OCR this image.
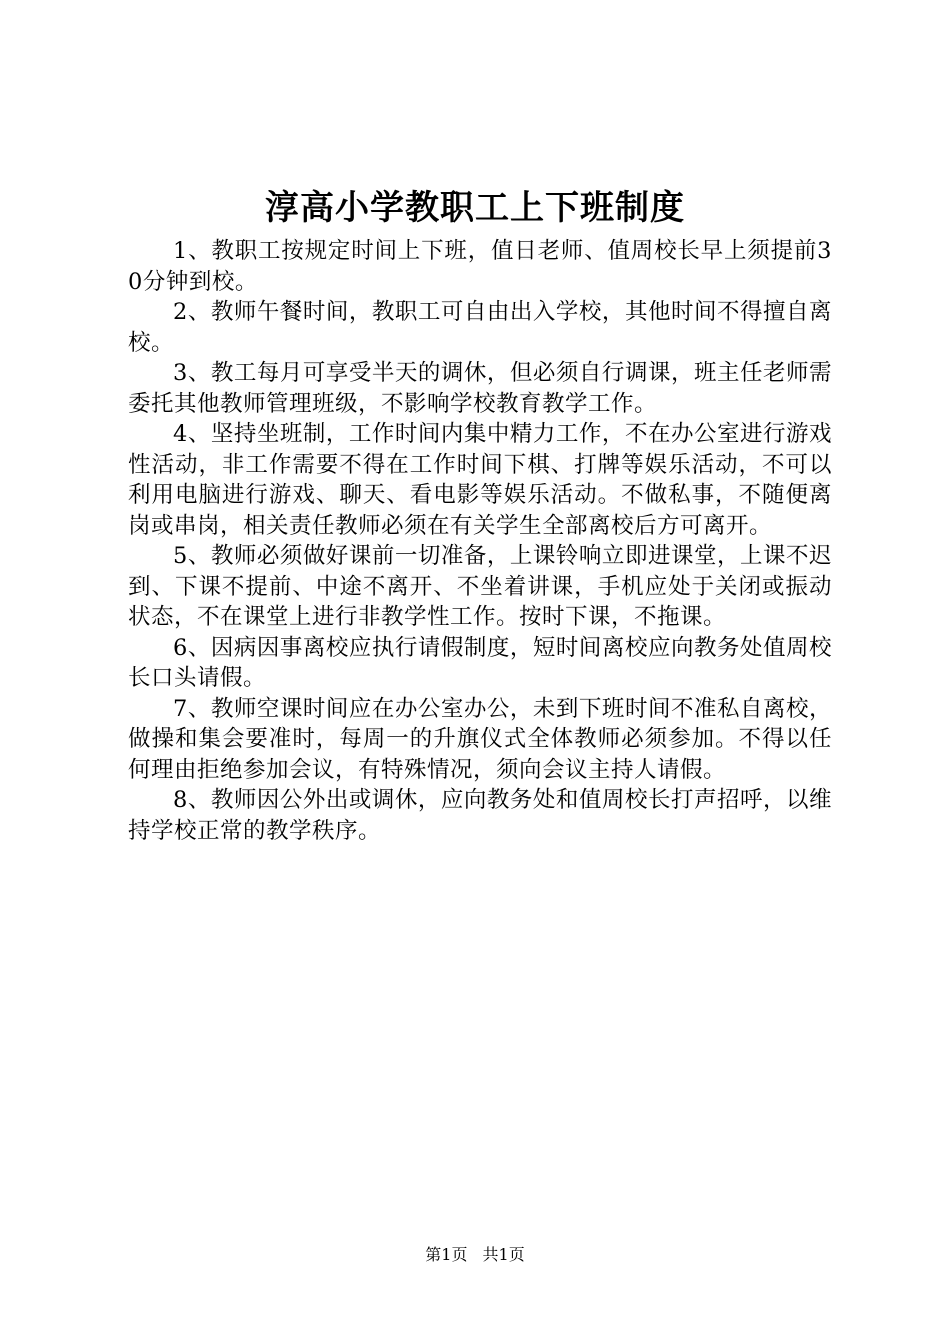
淳高小学教职工上下班制度

1、教职工按规定时间上下班，值日老师、值周校长早上须提前30分钟到校。

2、教师午餐时间，教职工可自由出入学校，其他时间不得擅自离校。

3、教工每月可享受半天的调休，但必须自行调课，班主任老师需委托其他教师管理班级，不影响学校教育教学工作。

4、坚持坐班制，工作时间内集中精力工作，不在办公室进行游戏性活动，非工作需要不得在工作时间下棋、打牌等娱乐活动，不可以利用电脑进行游戏、聊天、看电影等娱乐活动。不做私事，不随便离岗或串岗，相关责任教师必须在有关学生全部离校后方可离开。

5、教师必须做好课前一切准备，上课铃响立即进课堂，上课不迟到、下课不提前、中途不离开、不坐着讲课，手机应处于关闭或振动状态，不在课堂上进行非教学性工作。按时下课，不拖课。

6、因病因事离校应执行请假制度，短时间离校应向教务处值周校长口头请假。

7、教师空课时间应在办公室办公，未到下班时间不准私自离校，做操和集会要准时，每周一的升旗仪式全体教师必须参加。不得以任何理由拒绝参加会议，有特殊情况，须向会议主持人请假。

8、教师因公外出或调休，应向教务处和值周校长打声招呼，以维持学校正常的教学秩序。

第1页 共1页
